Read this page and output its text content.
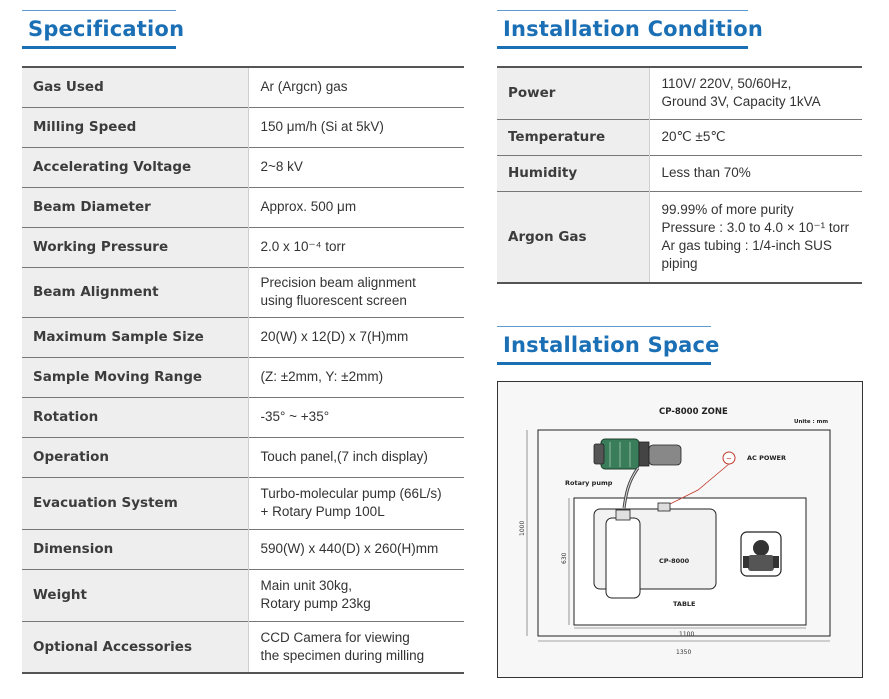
Specification
Gas Used	Ar (Argcn) gas
Milling Speed	150 μm/h (Si at 5kV)
Accelerating Voltage	2~8 kV
Beam Diameter	Approx. 500 μm
Working Pressure	2.0 x 10⁻⁴ torr
Beam Alignment	Precision beam alignment
using fluorescent screen
Maximum Sample Size	20(W) x 12(D) x 7(H)mm
Sample Moving Range	(Z: ±2mm, Y: ±2mm)
Rotation	-35° ~ +35°
Operation	Touch panel,(7 inch display)
Evacuation System	Turbo-molecular pump (66L/s)
+ Rotary Pump 100L
Dimension	590(W) x 440(D) x 260(H)mm
Weight	Main unit 30kg,
Rotary pump 23kg
Optional Accessories	CCD Camera for viewing
the specimen during milling
Installation Condition
Power	110V/ 220V, 50/60Hz,
Ground 3V, Capacity 1kVA
Temperature	20℃ ±5℃
Humidity	Less than 70%
Argon Gas	99.99% of more purity
Pressure : 3.0 to 4.0 × 10⁻¹ torr
Ar gas tubing : 1/4-inch SUS
piping
Installation Space
CP-8000 ZONE
Unite : mm
1350
1100
1000
630
Rotary pump
~ AC POWER
CP-8000
TABLE
